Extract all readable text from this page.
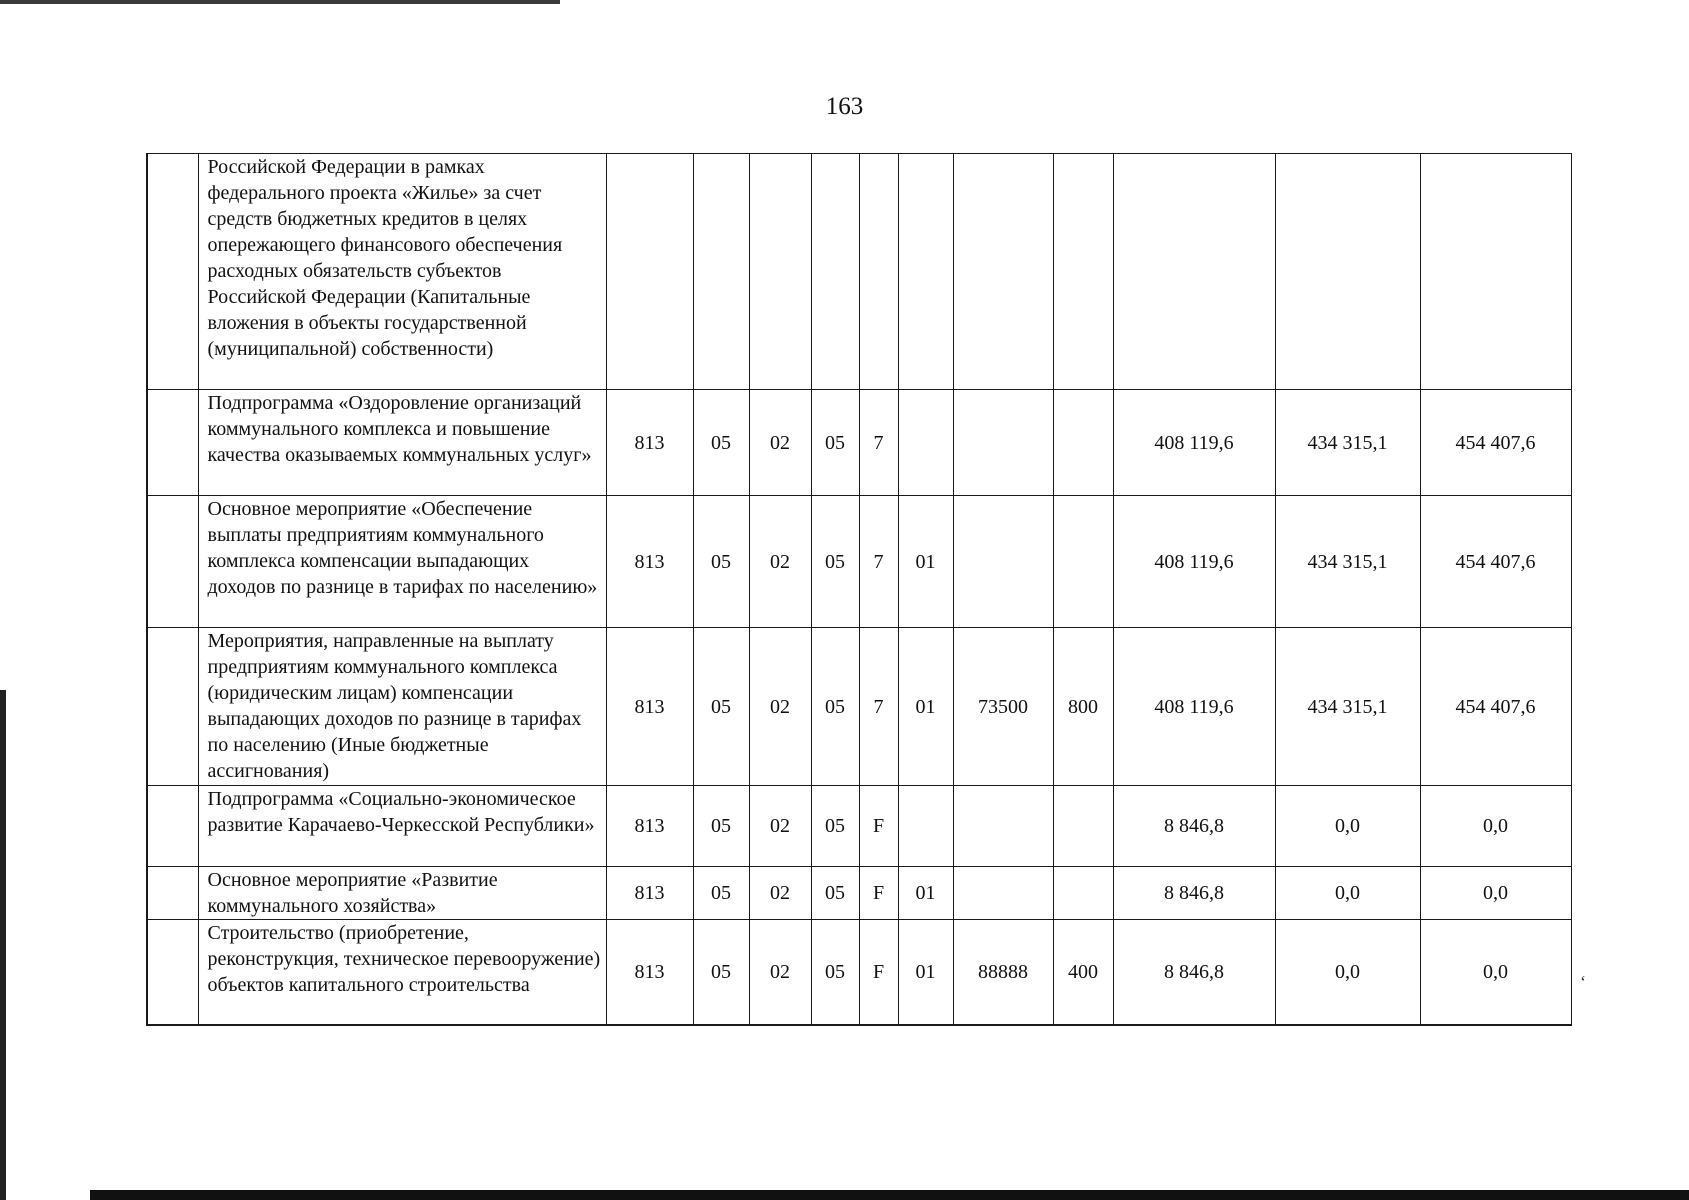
163
	Российской Федерации в рамках федерального проекта «Жилье» за счет средств бюджетных кредитов в целях опережающего финансового обеспечения расходных обязательств субъектов Российской Федерации (Капитальные вложения в объекты государственной (муниципальной) собственности)											
	Подпрограмма «Оздоровление организаций коммунального комплекса и повышение качества оказываемых коммунальных услуг»	813	05	02	05	7				408 119,6	434 315,1	454 407,6
	Основное мероприятие «Обеспечение выплаты предприятиям коммунального комплекса компенсации выпадающих доходов по разнице в тарифах по населению»	813	05	02	05	7	01			408 119,6	434 315,1	454 407,6
	Мероприятия, направленные на выплату предприятиям коммунального комплекса (юридическим лицам) компенсации выпадающих доходов по разнице в тарифах по населению (Иные бюджетные ассигнования)	813	05	02	05	7	01	73500	800	408 119,6	434 315,1	454 407,6
	Подпрограмма «Социально-экономическое развитие Карачаево-Черкесской Республики»	813	05	02	05	F				8 846,8	0,0	0,0
	Основное мероприятие «Развитие коммунального хозяйства»	813	05	02	05	F	01			8 846,8	0,0	0,0
	Строительство (приобретение, реконструкция, техническое перевооружение) объектов капитального строительства	813	05	02	05	F	01	88888	400	8 846,8	0,0	0,0	ʻ
